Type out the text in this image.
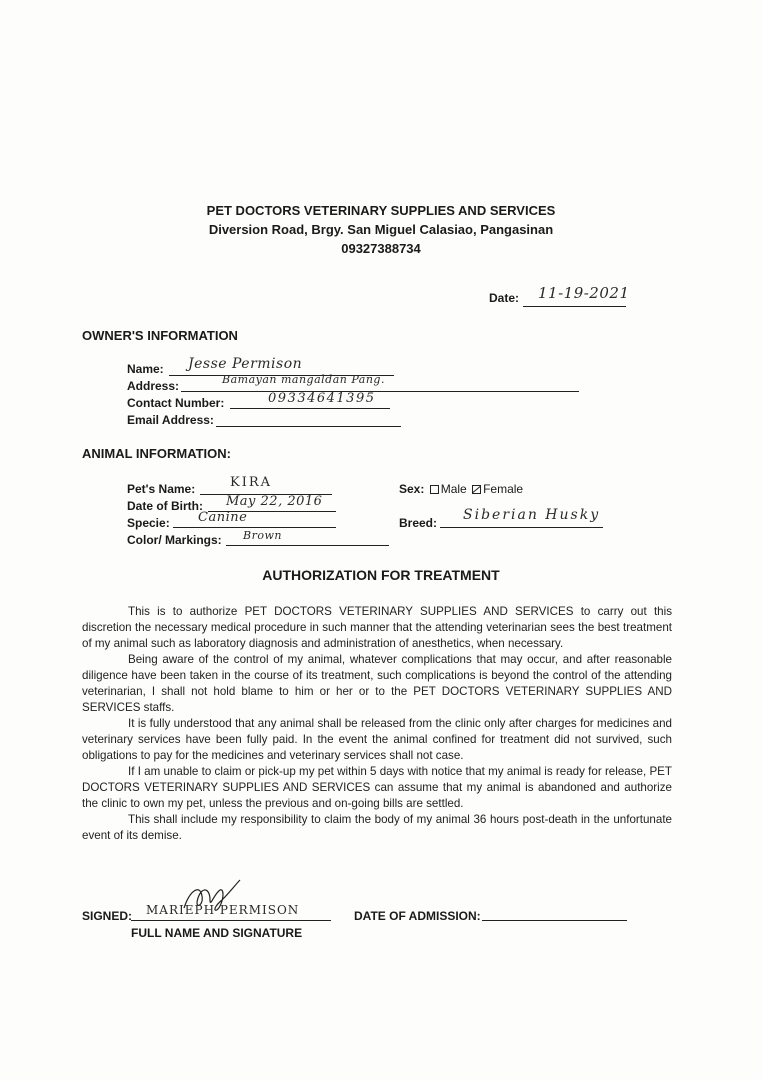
PET DOCTORS VETERINARY SUPPLIES AND SERVICES
Diversion Road, Brgy. San Miguel Calasiao, Pangasinan
09327388734
Date: 11-19-2021
OWNER'S INFORMATION
Name: Jesse Permison
Address:	Bamayan mangaldan Pang.
Contact Number:	09334641395
Email Address:
ANIMAL INFORMATION:
Pet's Name:	KIRA
Date of Birth: May 22, 2016
Specie: Canine
Color/ Markings: Brown
Sex: Male Female
Breed: Siberian Husky
AUTHORIZATION FOR TREATMENT

This is to authorize PET DOCTORS VETERINARY SUPPLIES AND SERVICES to carry out this discretion the necessary medical procedure in such manner that the attending veterinarian sees the best treatment of my animal such as laboratory diagnosis and administration of anesthetics, when necessary.

Being aware of the control of my animal, whatever complications that may occur, and after reasonable diligence have been taken in the course of its treatment, such complications is beyond the control of the attending veterinarian, I shall not hold blame to him or her or to the PET DOCTORS VETERINARY SUPPLIES AND SERVICES staffs.

It is fully understood that any animal shall be released from the clinic only after charges for medicines and veterinary services have been fully paid. In the event the animal confined for treatment did not survived, such obligations to pay for the medicines and veterinary services shall not case.

If I am unable to claim or pick-up my pet within 5 days with notice that my animal is ready for release, PET DOCTORS VETERINARY SUPPLIES AND SERVICES can assume that my animal is abandoned and authorize the clinic to own my pet, unless the previous and on-going bills are settled.

This shall include my responsibility to claim the body of my animal 36 hours post-death in the unfortunate event of its demise.

SIGNED: MARIEPH PERMISON
FULL NAME AND SIGNATURE
DATE OF ADMISSION:
